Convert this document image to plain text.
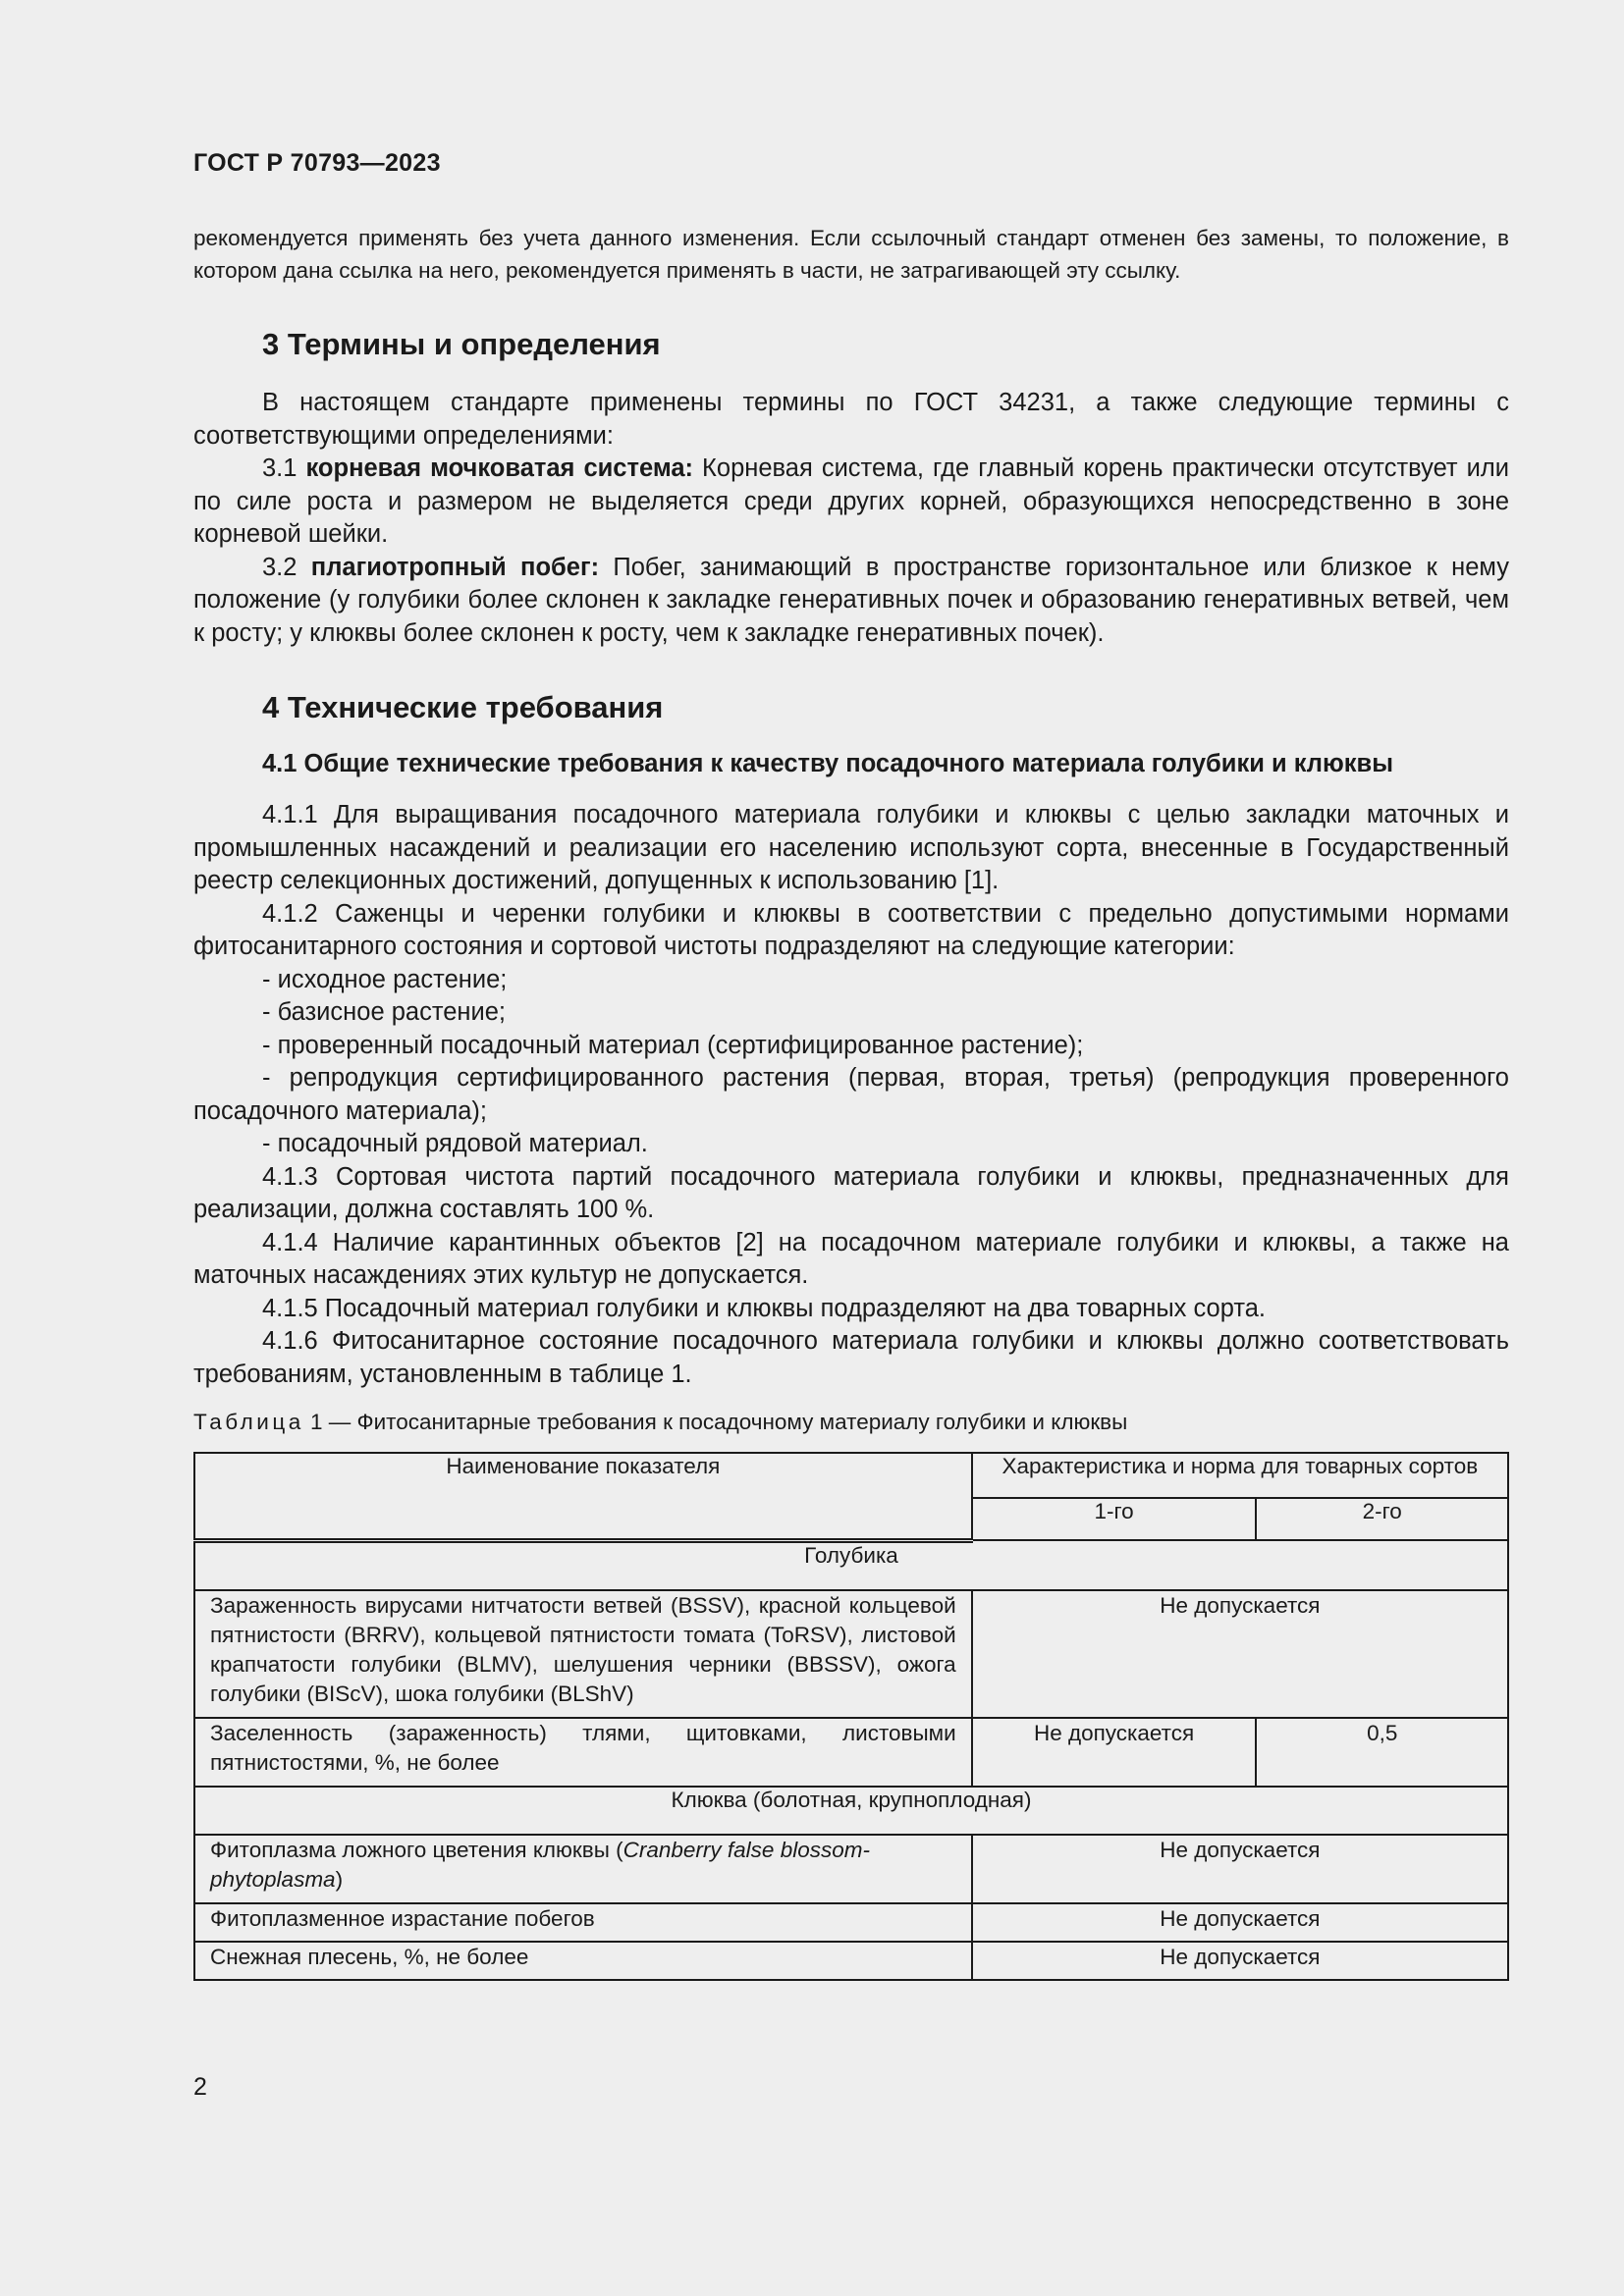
ГОСТ Р 70793—2023

рекомендуется применять без учета данного изменения. Если ссылочный стандарт отменен без замены, то положение, в котором дана ссылка на него, рекомендуется применять в части, не затрагивающей эту ссылку.

3 Термины и определения

В настоящем стандарте применены термины по ГОСТ 34231, а также следующие термины с соответствующими определениями:

3.1 корневая мочковатая система: Корневая система, где главный корень практически отсутствует или по силе роста и размером не выделяется среди других корней, образующихся непосредственно в зоне корневой шейки.

3.2 плагиотропный побег: Побег, занимающий в пространстве горизонтальное или близкое к нему положение (у голубики более склонен к закладке генеративных почек и образованию генеративных ветвей, чем к росту; у клюквы более склонен к росту, чем к закладке генеративных почек).

4 Технические требования
4.1 Общие технические требования к качеству посадочного материала голубики и клюквы

4.1.1 Для выращивания посадочного материала голубики и клюквы с целью закладки маточных и промышленных насаждений и реализации его населению используют сорта, внесенные в Государственный реестр селекционных достижений, допущенных к использованию [1].

4.1.2 Саженцы и черенки голубики и клюквы в соответствии с предельно допустимыми нормами фитосанитарного состояния и сортовой чистоты подразделяют на следующие категории:

- исходное растение;

- базисное растение;

- проверенный посадочный материал (сертифицированное растение);

- репродукция сертифицированного растения (первая, вторая, третья) (репродукция проверенного посадочного материала);

- посадочный рядовой материал.

4.1.3 Сортовая чистота партий посадочного материала голубики и клюквы, предназначенных для реализации, должна составлять 100 %.

4.1.4 Наличие карантинных объектов [2] на посадочном материале голубики и клюквы, а также на маточных насаждениях этих культур не допускается.

4.1.5 Посадочный материал голубики и клюквы подразделяют на два товарных сорта.

4.1.6 Фитосанитарное состояние посадочного материала голубики и клюквы должно соответствовать требованиям, установленным в таблице 1.

Таблица 1 — Фитосанитарные требования к посадочному материалу голубики и клюквы
Наименование показателя	Характеристика и норма для товарных сортов	
	1-го	2-го
Голубика		
Зараженность вирусами нитчатости ветвей (BSSV), красной кольцевой пятнистости (BRRV), кольцевой пятнистости томата (ToRSV), листовой крапчатости голубики (BLMV), шелушения черники (BBSSV), ожога голубики (BIScV), шока голубики (BLShV)	Не допускается	
Заселенность (зараженность) тлями, щитовками, листовыми пятнистостями, %, не более	Не допускается	0,5
Клюква (болотная, крупноплодная)		
Фитоплазма ложного цветения клюквы (Cranberry false blossom-phytoplasma)	Не допускается	
Фитоплазменное израстание побегов	Не допускается	
Снежная плесень, %, не более	Не допускается	
2
